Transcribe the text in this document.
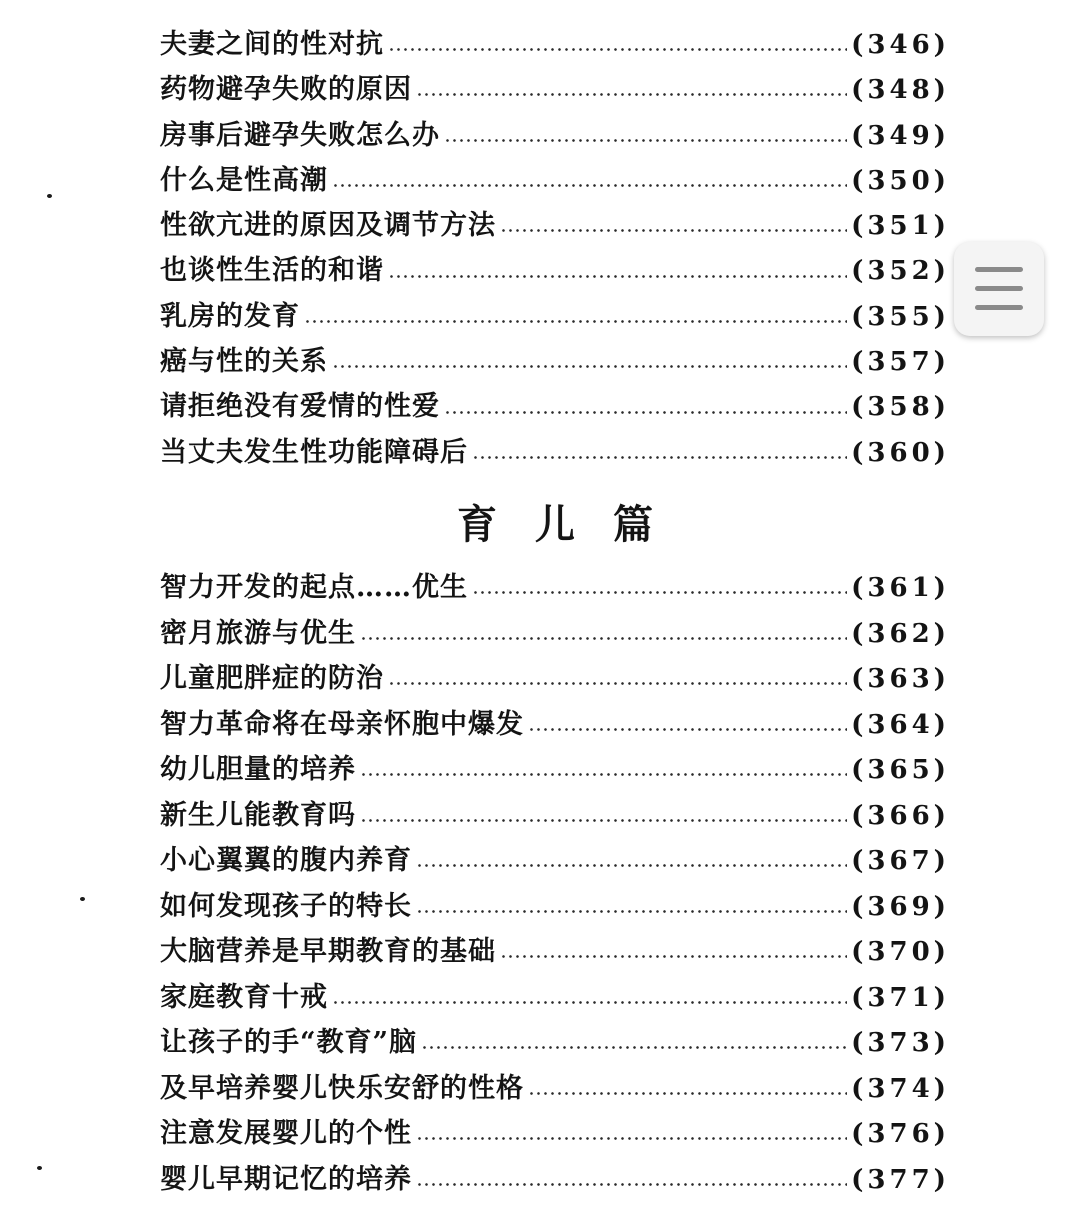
夫妻之间的性对抗	(346)
药物避孕失败的原因	(348)
房事后避孕失败怎么办	(349)
什么是性高潮	(350)
性欲亢进的原因及调节方法	(351)
也谈性生活的和谐	(352)
乳房的发育	(355)
癌与性的关系	(357)
请拒绝没有爱情的性爱	(358)
当丈夫发生性功能障碍后	(360)
育儿篇
智力开发的起点……优生	(361)
密月旅游与优生	(362)
儿童肥胖症的防治	(363)
智力革命将在母亲怀胞中爆发	(364)
幼儿胆量的培养	(365)
新生儿能教育吗	(366)
小心翼翼的腹内养育	(367)
如何发现孩子的特长	(369)
大脑营养是早期教育的基础	(370)
家庭教育十戒	(371)
让孩子的手“教育”脑	(373)
及早培养婴儿快乐安舒的性格	(374)
注意发展婴儿的个性	(376)
婴儿早期记忆的培养	(377)
